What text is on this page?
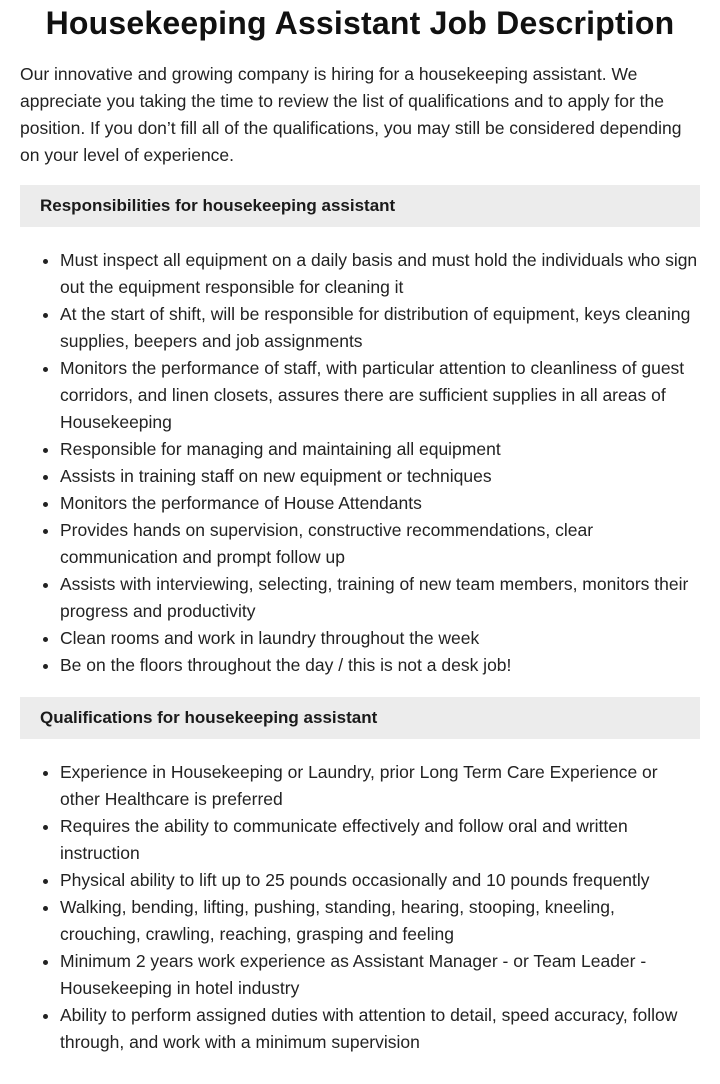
Housekeeping Assistant Job Description

Our innovative and growing company is hiring for a housekeeping assistant. We appreciate you taking the time to review the list of qualifications and to apply for the position. If you don’t fill all of the qualifications, you may still be considered depending on your level of experience.

Responsibilities for housekeeping assistant
• Must inspect all equipment on a daily basis and must hold the individuals who sign out the equipment responsible for cleaning it
• At the start of shift, will be responsible for distribution of equipment, keys cleaning supplies, beepers and job assignments
• Monitors the performance of staff, with particular attention to cleanliness of guest corridors, and linen closets, assures there are sufficient supplies in all areas of Housekeeping
• Responsible for managing and maintaining all equipment
• Assists in training staff on new equipment or techniques
• Monitors the performance of House Attendants
• Provides hands on supervision, constructive recommendations, clear communication and prompt follow up
• Assists with interviewing, selecting, training of new team members, monitors their progress and productivity
• Clean rooms and work in laundry throughout the week
• Be on the floors throughout the day / this is not a desk job!
Qualifications for housekeeping assistant
• Experience in Housekeeping or Laundry, prior Long Term Care Experience or other Healthcare is preferred
• Requires the ability to communicate effectively and follow oral and written instruction
• Physical ability to lift up to 25 pounds occasionally and 10 pounds frequently
• Walking, bending, lifting, pushing, standing, hearing, stooping, kneeling, crouching, crawling, reaching, grasping and feeling
• Minimum 2 years work experience as Assistant Manager - or Team Leader - Housekeeping in hotel industry
• Ability to perform assigned duties with attention to detail, speed accuracy, follow through, and work with a minimum supervision
